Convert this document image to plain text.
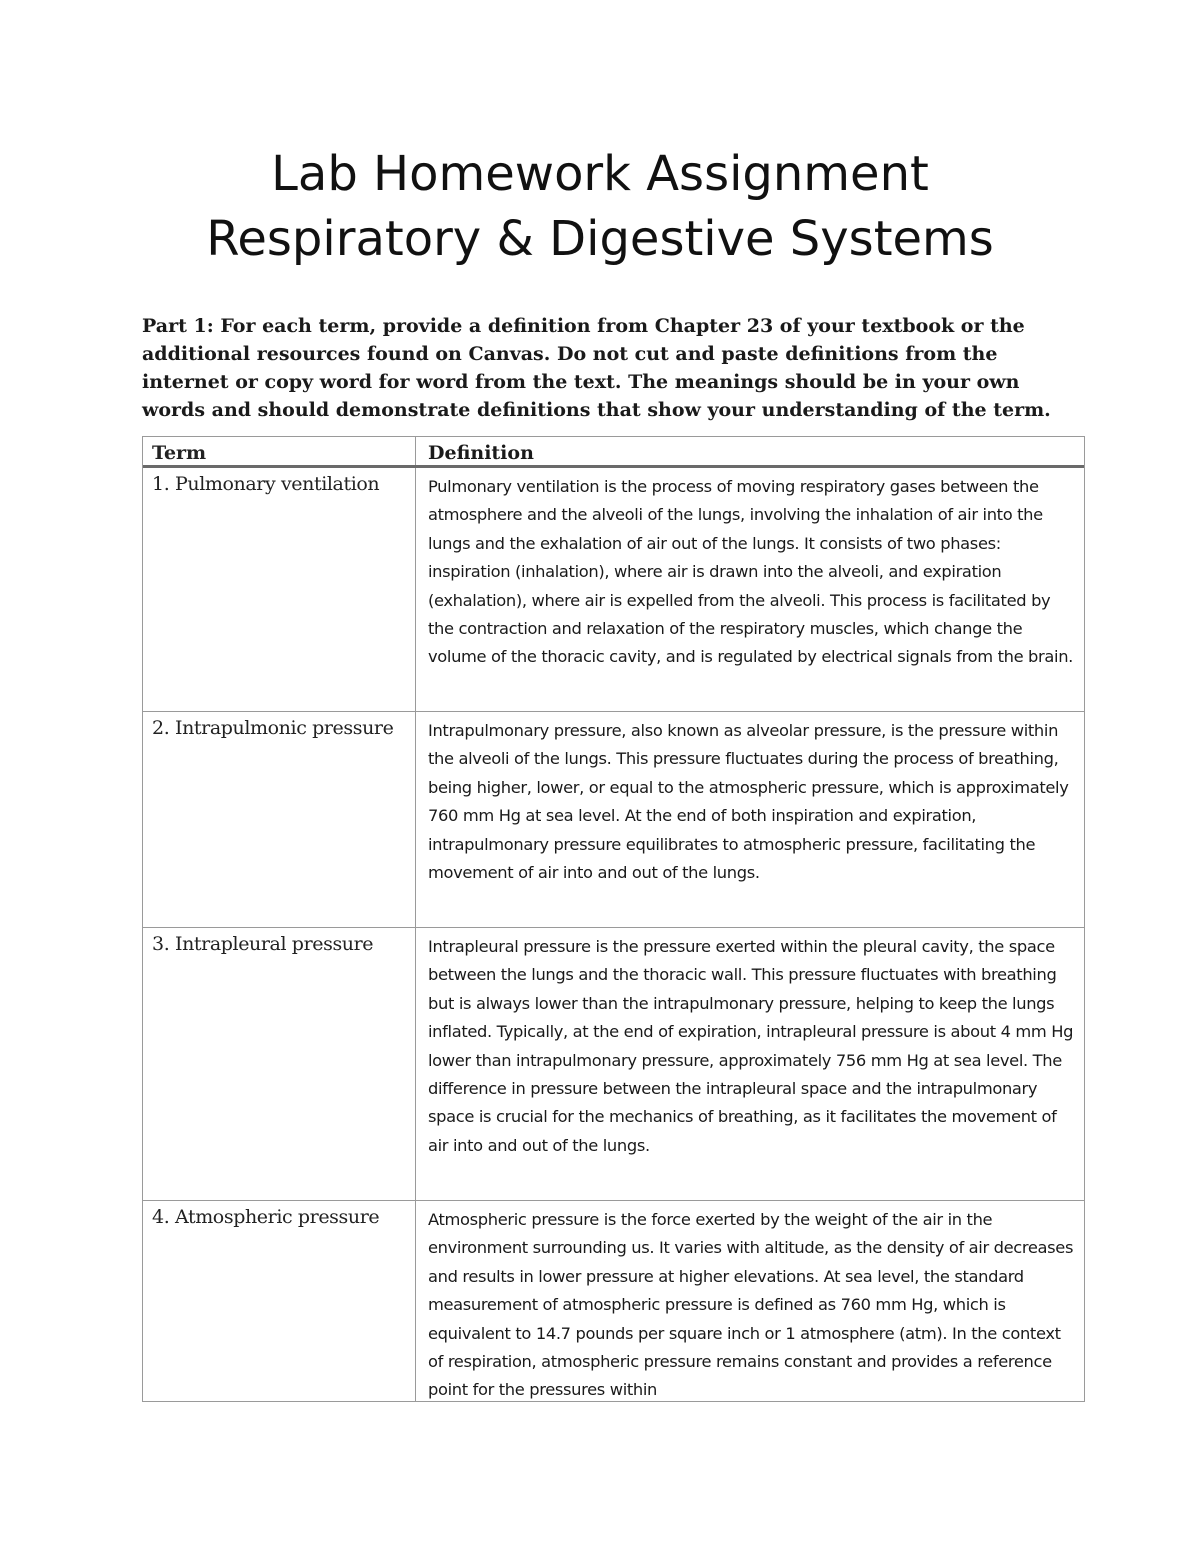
Lab Homework Assignment
Respiratory & Digestive Systems
Part 1: For each term, provide a definition from Chapter 23 of your textbook or the additional resources found on Canvas. Do not cut and paste definitions from the internet or copy word for word from the text. The meanings should be in your own words and should demonstrate definitions that show your understanding of the term.
Term	Definition
1. Pulmonary ventilation	Pulmonary ventilation is the process of moving respiratory gases between the atmosphere and the alveoli of the lungs, involving the inhalation of air into the lungs and the exhalation of air out of the lungs. It consists of two phases: inspiration (inhalation), where air is drawn into the alveoli, and expiration (exhalation), where air is expelled from the alveoli. This process is facilitated by the contraction and relaxation of the respiratory muscles, which change the volume of the thoracic cavity, and is regulated by electrical signals from the brain.
2. Intrapulmonic pressure	Intrapulmonary pressure, also known as alveolar pressure, is the pressure within the alveoli of the lungs. This pressure fluctuates during the process of breathing, being higher, lower, or equal to the atmospheric pressure, which is approximately 760 mm Hg at sea level. At the end of both inspiration and expiration, intrapulmonary pressure equilibrates to atmospheric pressure, facilitating the movement of air into and out of the lungs.
3. Intrapleural pressure	Intrapleural pressure is the pressure exerted within the pleural cavity, the space between the lungs and the thoracic wall. This pressure fluctuates with breathing but is always lower than the intrapulmonary pressure, helping to keep the lungs inflated. Typically, at the end of expiration, intrapleural pressure is about 4 mm Hg lower than intrapulmonary pressure, approximately 756 mm Hg at sea level. The difference in pressure between the intrapleural space and the intrapulmonary space is crucial for the mechanics of breathing, as it facilitates the movement of air into and out of the lungs.
4. Atmospheric pressure	Atmospheric pressure is the force exerted by the weight of the air in the environment surrounding us. It varies with altitude, as the density of air decreases and results in lower pressure at higher elevations. At sea level, the standard measurement of atmospheric pressure is defined as 760 mm Hg, which is equivalent to 14.7 pounds per square inch or 1 atmosphere (atm). In the context of respiration, atmospheric pressure remains constant and provides a reference point for the pressures within
